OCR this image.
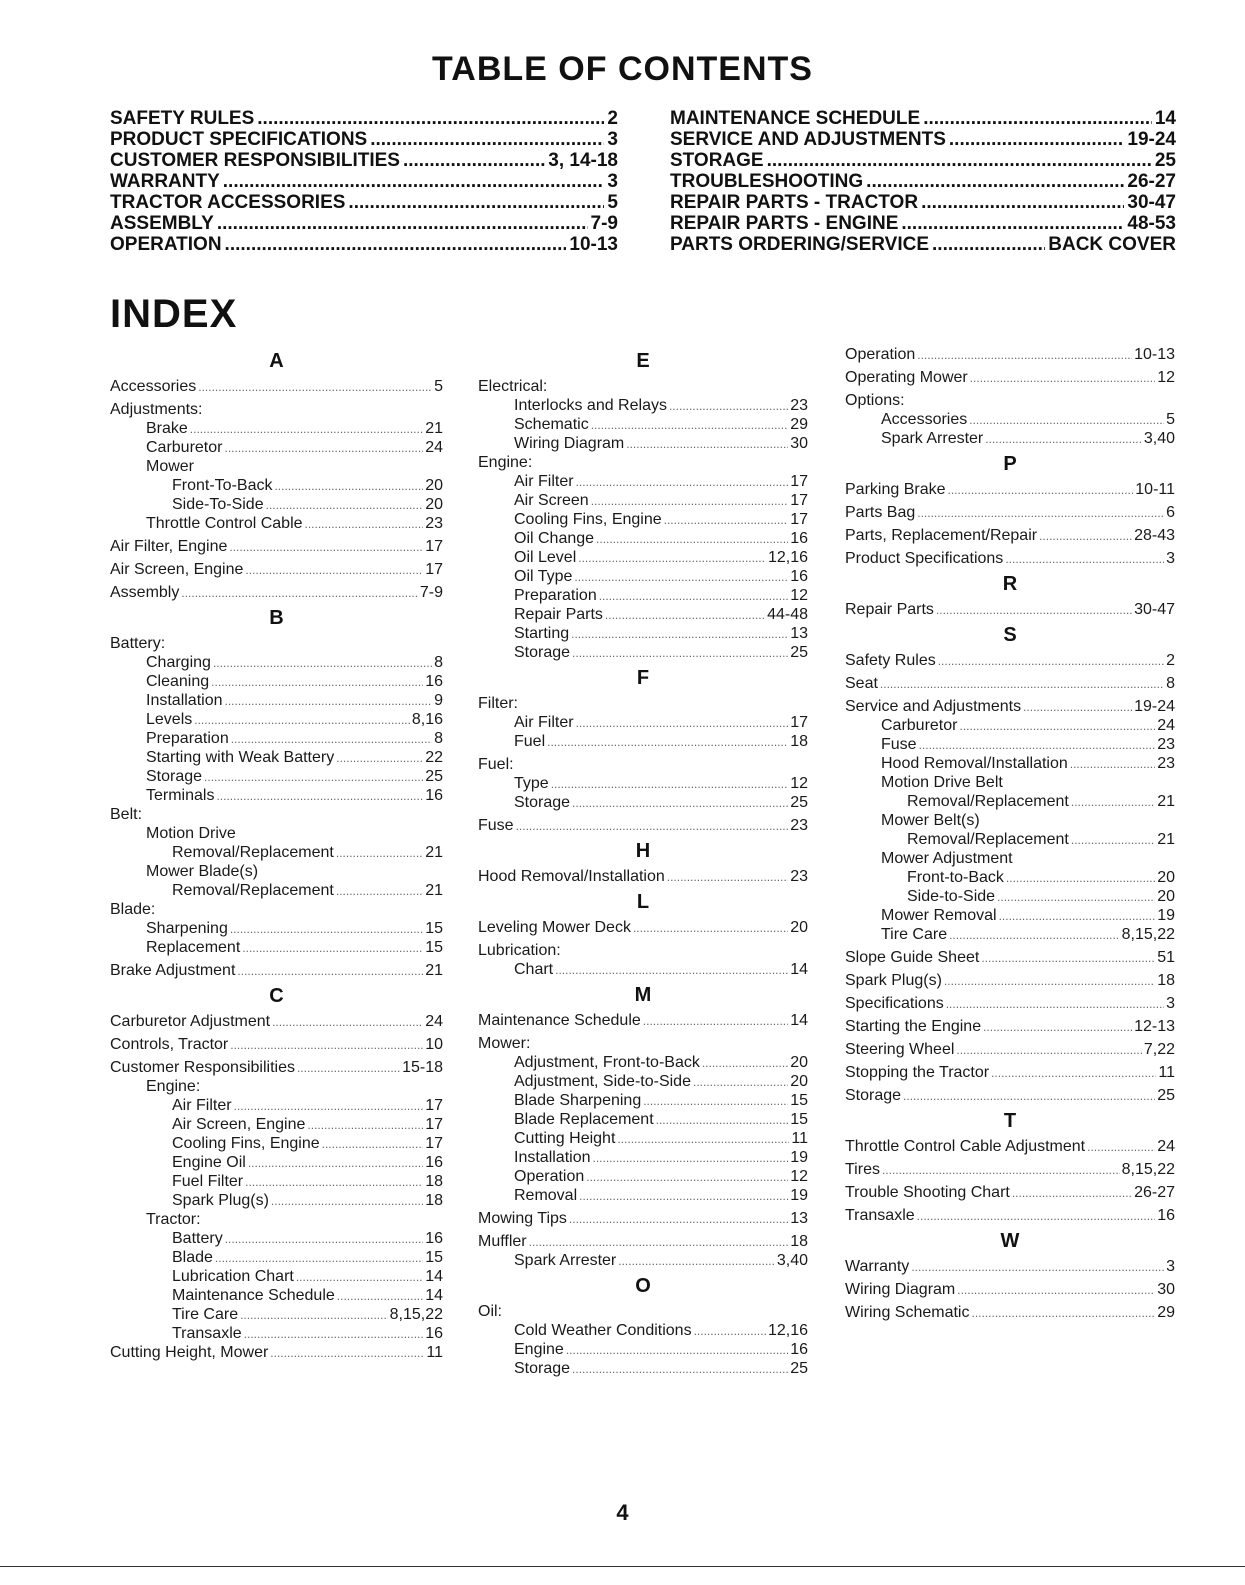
TABLE OF CONTENTS
SAFETY RULES .....	2
PRODUCT SPECIFICATIONS .....	3
CUSTOMER RESPONSIBILITIES .....	3, 14-18
WARRANTY .....	3
TRACTOR ACCESSORIES .....	5
ASSEMBLY .....	7-9
OPERATION .....	10-13
MAINTENANCE SCHEDULE .....	14
SERVICE AND ADJUSTMENTS .....	19-24
STORAGE .....	25
TROUBLESHOOTING .....	26-27
REPAIR PARTS - TRACTOR .....	30-47
REPAIR PARTS - ENGINE .....	48-53
PARTS ORDERING/SERVICE .....	BACK COVER
INDEX
A
Accessories .....	5
Adjustments:
Brake .....	21
Carburetor .....	24
Mower
Front-To-Back .....	20
Side-To-Side .....	20
Throttle Control Cable .....	23
Air Filter, Engine .....	17
Air Screen, Engine .....	17
Assembly .....	7-9
B
Battery:
Charging .....	8
Cleaning .....	16
Installation .....	9
Levels .....	8,16
Preparation .....	8
Starting with Weak Battery .....	22
Storage .....	25
Terminals .....	16
Belt:
Motion Drive
Removal/Replacement .....	21
Mower Blade(s)
Removal/Replacement .....	21
Blade:
Sharpening .....	15
Replacement .....	15
Brake Adjustment .....	21
C
Carburetor Adjustment .....	24
Controls, Tractor .....	10
Customer Responsibilities .....	15-18
Engine:
Air Filter .....	17
Air Screen, Engine .....	17
Cooling Fins, Engine .....	17
Engine Oil .....	16
Fuel Filter .....	18
Spark Plug(s) .....	18
Tractor:
Battery .....	16
Blade .....	15
Lubrication Chart .....	14
Maintenance Schedule .....	14
Tire Care .....	8,15,22
Transaxle .....	16
Cutting Height, Mower .....	11
E
Electrical:
Interlocks and Relays .....	23
Schematic .....	29
Wiring Diagram .....	30
Engine:
Air Filter .....	17
Air Screen .....	17
Cooling Fins, Engine .....	17
Oil Change .....	16
Oil Level .....	12,16
Oil Type .....	16
Preparation .....	12
Repair Parts .....	44-48
Starting .....	13
Storage .....	25
F
Filter:
Air Filter .....	17
Fuel .....	18
Fuel:
Type .....	12
Storage .....	25
Fuse .....	23
H
Hood Removal/Installation .....	23
L
Leveling Mower Deck .....	20
Lubrication:
Chart .....	14
M
Maintenance Schedule .....	14
Mower:
Adjustment, Front-to-Back .....	20
Adjustment, Side-to-Side .....	20
Blade Sharpening .....	15
Blade Replacement .....	15
Cutting Height .....	11
Installation .....	19
Operation .....	12
Removal .....	19
Mowing Tips .....	13
Muffler .....	18
Spark Arrester .....	3,40
O
Oil:
Cold Weather Conditions .....	12,16
Engine .....	16
Storage .....	25
Operation .....	10-13
Operating Mower .....	12
Options:
Accessories .....	5
Spark Arrester .....	3,40
P
Parking Brake .....	10-11
Parts Bag .....	6
Parts, Replacement/Repair .....	28-43
Product Specifications .....	3
R
Repair Parts .....	30-47
S
Safety Rules .....	2
Seat .....	8
Service and Adjustments .....	19-24
Carburetor .....	24
Fuse .....	23
Hood Removal/Installation .....	23
Motion Drive Belt
Removal/Replacement .....	21
Mower Belt(s)
Removal/Replacement .....	21
Mower Adjustment
Front-to-Back .....	20
Side-to-Side .....	20
Mower Removal .....	19
Tire Care .....	8,15,22
Slope Guide Sheet .....	51
Spark Plug(s) .....	18
Specifications .....	3
Starting the Engine .....	12-13
Steering Wheel .....	7,22
Stopping the Tractor .....	11
Storage .....	25
T
Throttle Control Cable Adjustment .....	24
Tires .....	8,15,22
Trouble Shooting Chart .....	26-27
Transaxle .....	16
W
Warranty .....	3
Wiring Diagram .....	30
Wiring Schematic .....	29
4
